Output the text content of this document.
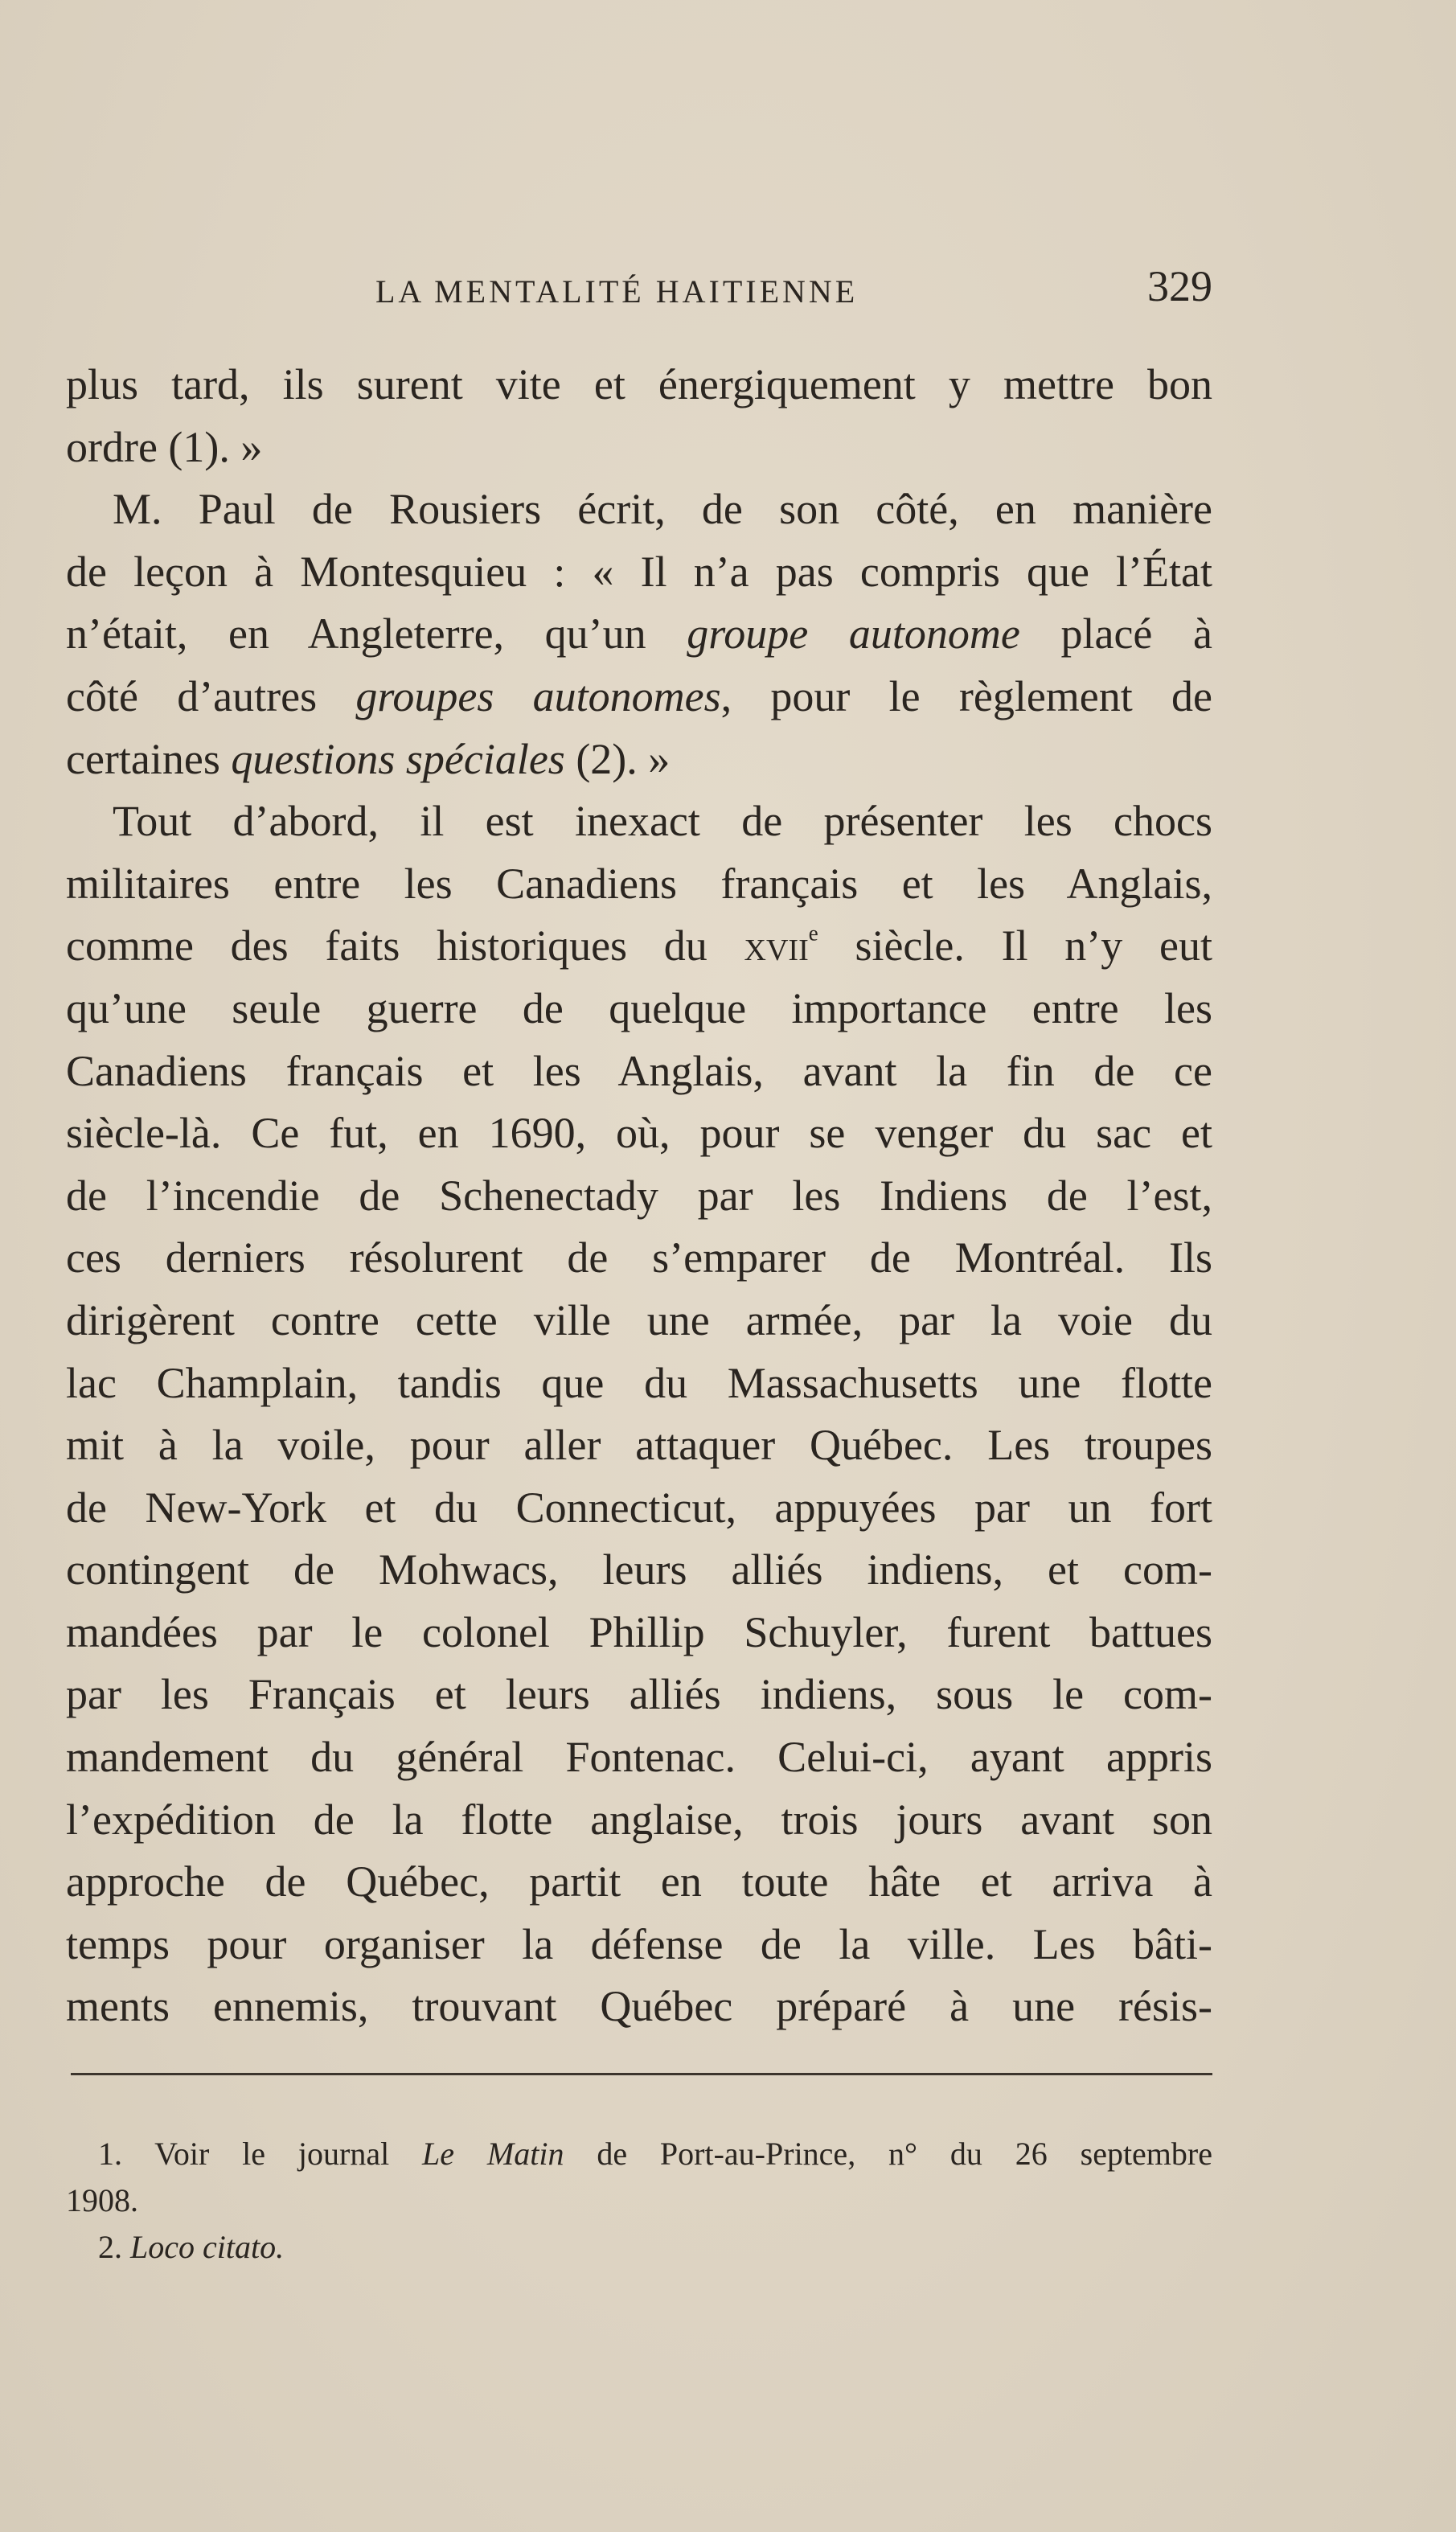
LA MENTALITÉ HAITIENNE	329
plus tard, ils surent vite et énergiquement y mettre bon
ordre (1). »
M. Paul de Rousiers écrit, de son côté, en manière
de leçon à Montesquieu : « Il n’a pas compris que l’État
n’était, en Angleterre, qu’un groupe autonome placé à
côté d’autres groupes autonomes, pour le règlement de
certaines questions spéciales (2). »
Tout d’abord, il est inexact de présenter les chocs
militaires entre les Canadiens français et les Anglais,
comme des faits historiques du xvii$^e$ siècle. Il n’y eut
qu’une seule guerre de quelque importance entre les
Canadiens français et les Anglais, avant la fin de ce
siècle-là. Ce fut, en 1690, où, pour se venger du sac et
de l’incendie de Schenectady par les Indiens de l’est,
ces derniers résolurent de s’emparer de Montréal. Ils
dirigèrent contre cette ville une armée, par la voie du
lac Champlain, tandis que du Massachusetts une flotte
mit à la voile, pour aller attaquer Québec. Les troupes
de New-York et du Connecticut, appuyées par un fort
contingent de Mohwacs, leurs alliés indiens, et com-
mandées par le colonel Phillip Schuyler, furent battues
par les Français et leurs alliés indiens, sous le com-
mandement du général Fontenac. Celui-ci, ayant appris
l’expédition de la flotte anglaise, trois jours avant son
approche de Québec, partit en toute hâte et arriva à
temps pour organiser la défense de la ville. Les bâti-
ments ennemis, trouvant Québec préparé à une résis-
1. Voir le journal Le Matin de Port-au-Prince, n° du 26 septembre
1908.
2. Loco citato.
